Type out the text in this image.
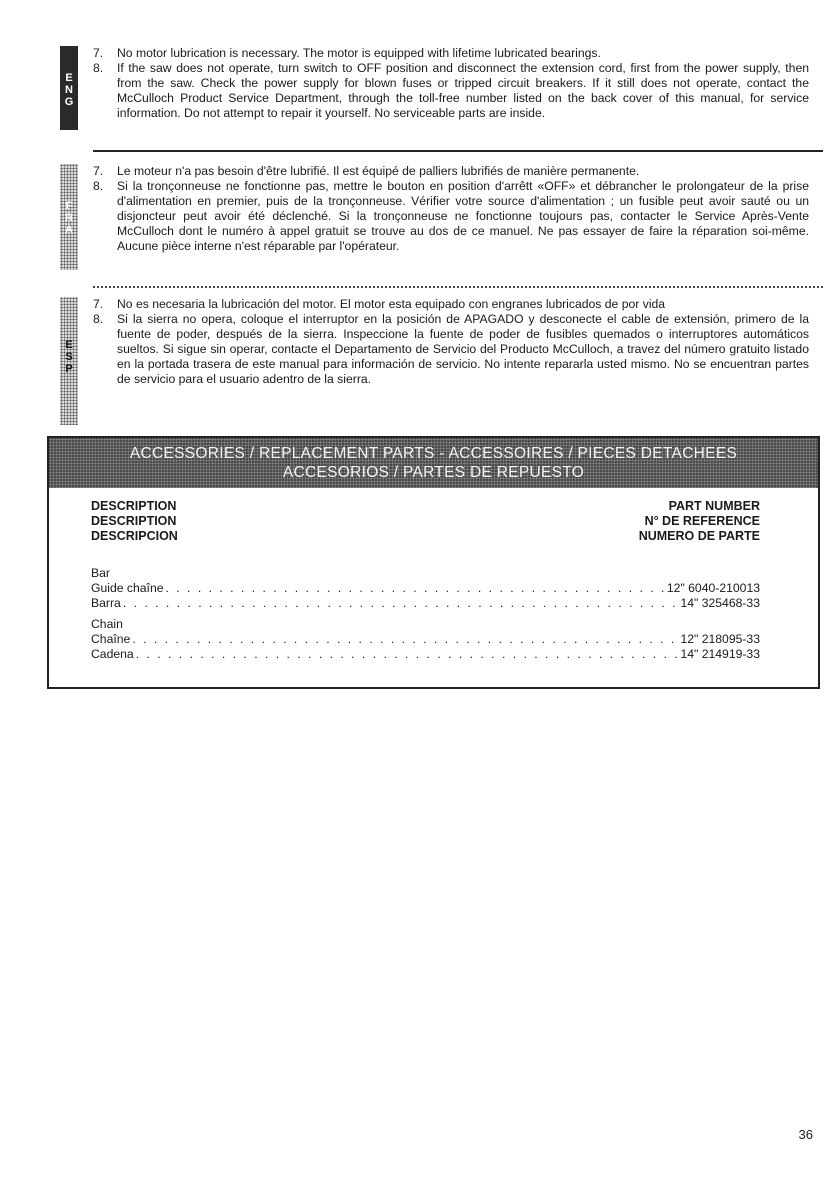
E
N
G
7.	No motor lubrication is necessary. The motor is equipped with lifetime lubricated bearings.
8.	If the saw does not operate, turn switch to OFF position and disconnect the extension cord, first from the power supply, then from the saw. Check the power supply for blown fuses or tripped circuit breakers. If it still does not operate, contact the McCulloch Product Service Department, through the toll-free number listed on the back cover of this manual, for service information. Do not attempt to repair it yourself. No serviceable parts are inside.
F
R
A
7.	Le moteur n'a pas besoin d'être lubrifié. Il est équipé de palliers lubrifiés de manière permanente.
8.	Si la tronçonneuse ne fonctionne pas, mettre le bouton en position d'arrêtt «OFF» et débrancher le prolongateur de la prise d'alimentation en premier, puis de la tronçonneuse. Vérifier votre source d'alimentation ; un fusible peut avoir sauté ou un disjoncteur peut avoir été déclenché. Si la tronçonneuse ne fonctionne toujours pas, contacter le Service Après-Vente McCulloch dont le numéro à appel gratuit se trouve au dos de ce manuel. Ne pas essayer de faire la réparation soi-même. Aucune pièce interne n'est réparable par l'opérateur.
E
S
P
7.	No es necesaria la lubricación del motor. El motor esta equipado con engranes lubricados de por vida
8.	Si la sierra no opera, coloque el interruptor en la posición de APAGADO y desconecte el cable de extensión, primero de la fuente de poder, después de la sierra. Inspeccione la fuente de poder de fusibles quemados o interruptores automáticos sueltos. Si sigue sin operar, contacte el Departamento de Servicio del Producto McCulloch, a travez del número gratuito listado en la portada trasera de este manual para información de servicio. No intente repararla usted mismo. No se encuentran partes de servicio para el usuario adentro de la sierra.
ACCESSORIES / REPLACEMENT PARTS - ACCESSOIRES / PIECES DETACHEES
ACCESORIOS / PARTES DE REPUESTO
DESCRIPTION	PART NUMBER
DESCRIPTION	N° DE REFERENCE
DESCRIPCION	NUMERO DE PARTE
Bar
Guide chaîne . . .	12" 6040-210013
Barra . . .	14" 325468-33
Chain
Chaîne . . .	12" 218095-33
Cadena . . .	14" 214919-33
36
